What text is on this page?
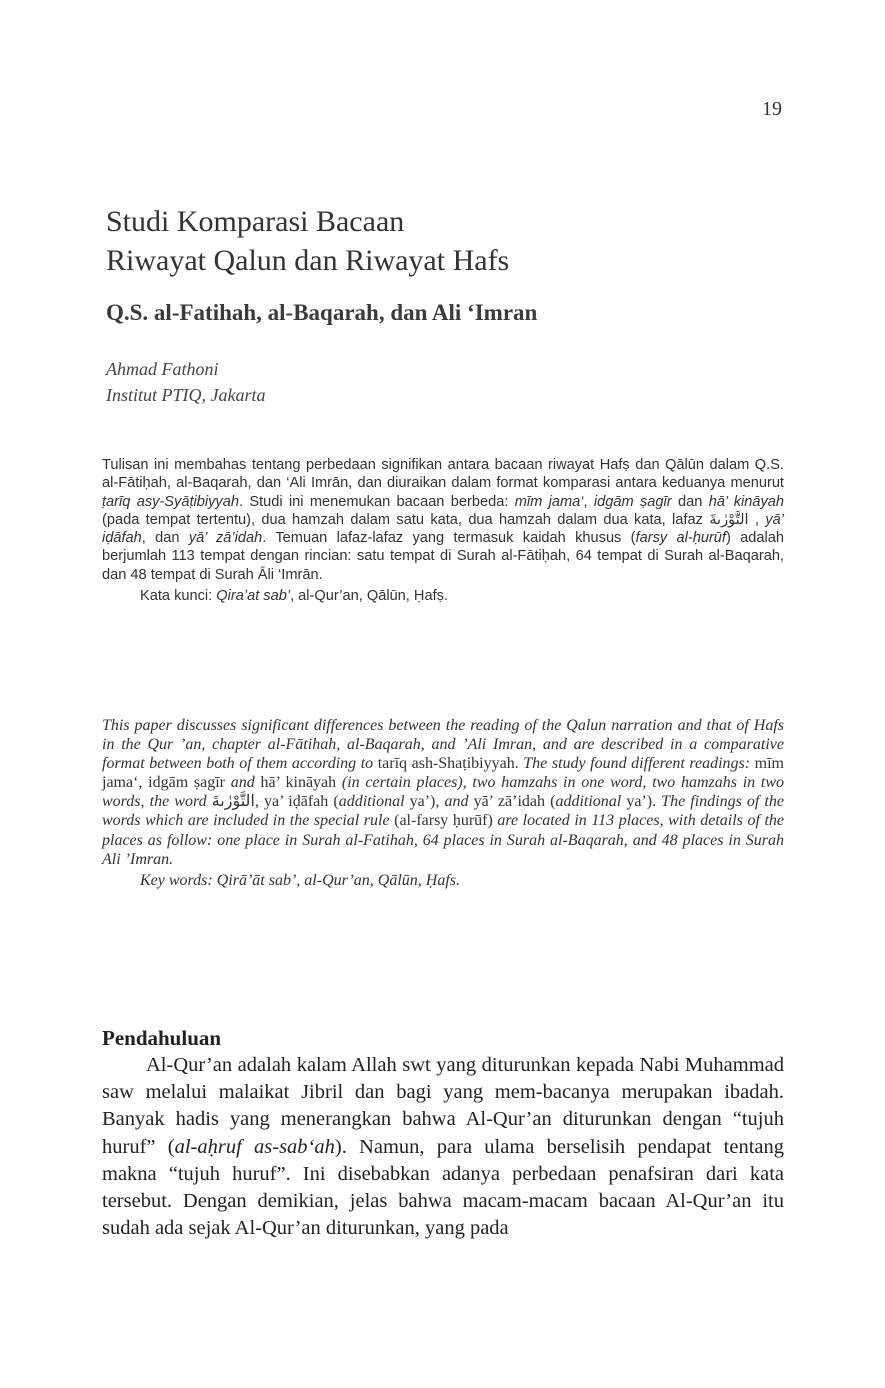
19
Studi Komparasi Bacaan
Riwayat Qalun dan Riwayat Hafs
Q.S. al-Fatihah, al-Baqarah, dan Ali ‘Imran
Ahmad Fathoni
Institut PTIQ, Jakarta

Tulisan ini membahas tentang perbedaan signifikan antara bacaan riwayat Hafṣ dan Qālūn dalam Q.S. al-Fātiḥah, al-Baqarah, dan ‘Ali Imrān, dan diuraikan dalam format komparasi antara keduanya menurut ṭarīq asy-Syāṭibiyyah. Studi ini menemukan bacaan berbeda: mīm jama‘, idgām ṣagīr dan hā’ kināyah (pada tempat tertentu), dua hamzah dalam satu kata, dua hamzah dalam dua kata, lafaz التَّوْرٰىةَ , yā’ iḍāfah, dan yā’ zā’idah. Temuan lafaz-lafaz yang termasuk kaidah khusus (farsy al-ḥurūf) adalah berjumlah 113 tempat dengan rincian: satu tempat di Surah al-Fātiḥah, 64 tempat di Surah al-Baqarah, dan 48 tempat di Surah Āli ‘Imrān.

Kata kunci: Qira’at sab’, al-Qur’an, Qālūn, Ḥafṣ.

This paper discusses significant differences between the reading of the Qalun narration and that of Hafs in the Qur ’an, chapter al-Fātihah, al-Baqarah, and ’Ali Imran, and are described in a comparative format between both of them according to tarīq ash-Shaṭibiyyah. The study found different readings: mīm jama‘, idgām ṣagīr and hā’ kināyah (in certain places), two hamzahs in one word, two hamzahs in two words, the word التَّوْرٰىةَ, ya’ iḍāfah (additional ya’), and yā’ zā’idah (additional ya’). The findings of the words which are included in the special rule (al-farsy ḥurūf) are located in 113 places, with details of the places as follow: one place in Surah al-Fatihah, 64 places in Surah al-Baqarah, and 48 places in Surah Ali ’Imran.

Key words: Qirā’āt sab’, al-Qur’an, Qālūn, Ḥafs.

Pendahuluan

Al-Qur’an adalah kalam Allah swt yang diturunkan kepada Nabi Muhammad saw melalui malaikat Jibril dan bagi yang mem-bacanya merupakan ibadah. Banyak hadis yang menerangkan bahwa Al-Qur’an diturunkan dengan “tujuh huruf” (al-aḥruf as-sab‘ah). Namun, para ulama berselisih pendapat tentang makna “tujuh huruf”. Ini disebabkan adanya perbedaan penafsiran dari kata tersebut. Dengan demikian, jelas bahwa macam-macam bacaan Al-Qur’an itu sudah ada sejak Al-Qur’an diturunkan, yang pada
